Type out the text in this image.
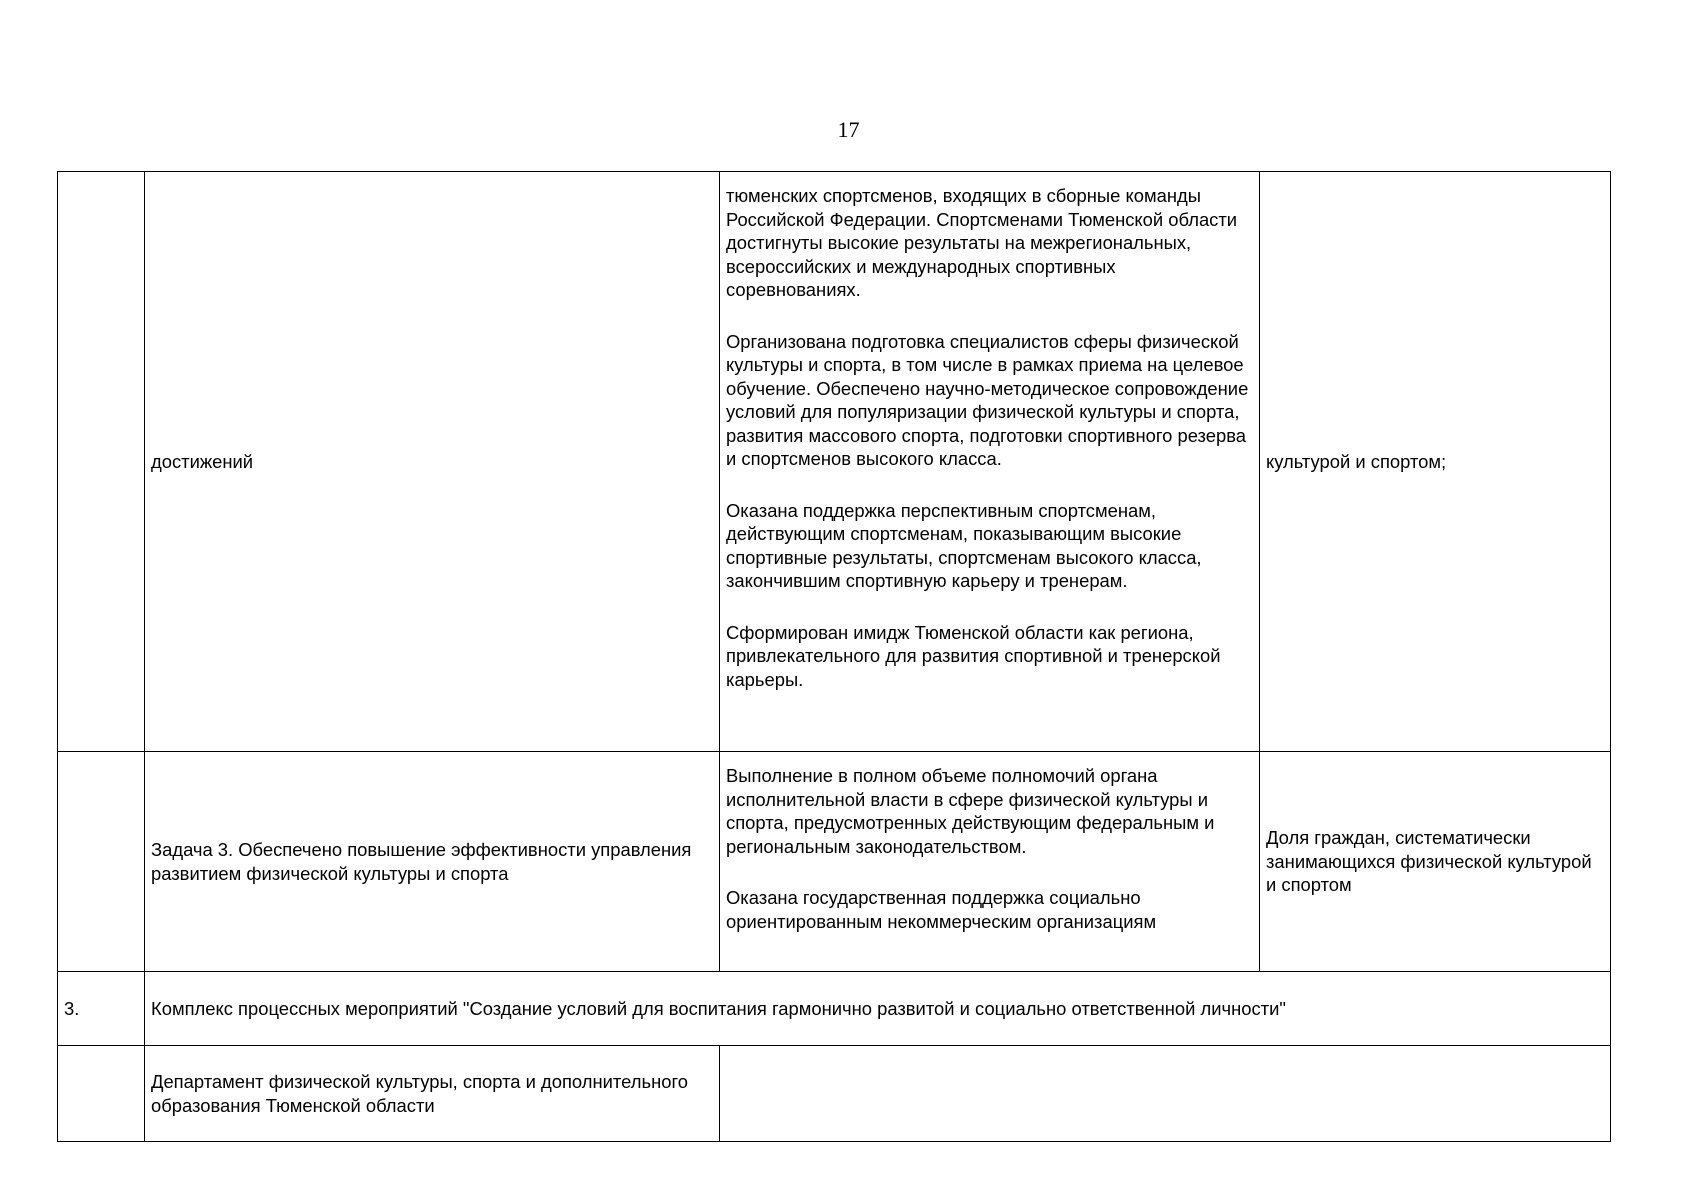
17
	достижений	тюменских спортсменов, входящих в сборные команды Российской Федерации. Спортсменами Тюменской области достигнуты высокие результаты на межрегиональных, всероссийских и международных спортивных соревнованиях.

Организована подготовка специалистов сферы физической культуры и спорта, в том числе в рамках приема на целевое обучение. Обеспечено научно-методическое сопровождение условий для популяризации физической культуры и спорта, развития массового спорта, подготовки спортивного резерва и спортсменов высокого класса.

Оказана поддержка перспективным спортсменам, действующим спортсменам, показывающим высокие спортивные результаты, спортсменам высокого класса, закончившим спортивную карьеру и тренерам.

Сформирован имидж Тюменской области как региона, привлекательного для развития спортивной и тренерской карьеры.	культурой и спортом;
	Задача 3. Обеспечено повышение эффективности управления развитием физической культуры и спорта	Выполнение в полном объеме полномочий органа исполнительной власти в сфере физической культуры и спорта, предусмотренных действующим федеральным и региональным законодательством.

Оказана государственная поддержка социально ориентированным некоммерческим организациям	Доля граждан, систематически занимающихся физической культурой и спортом
3.	Комплекс процессных мероприятий "Создание условий для воспитания гармонично развитой и социально ответственной личности"		
	Департамент физической культуры, спорта и дополнительного образования Тюменской области		
